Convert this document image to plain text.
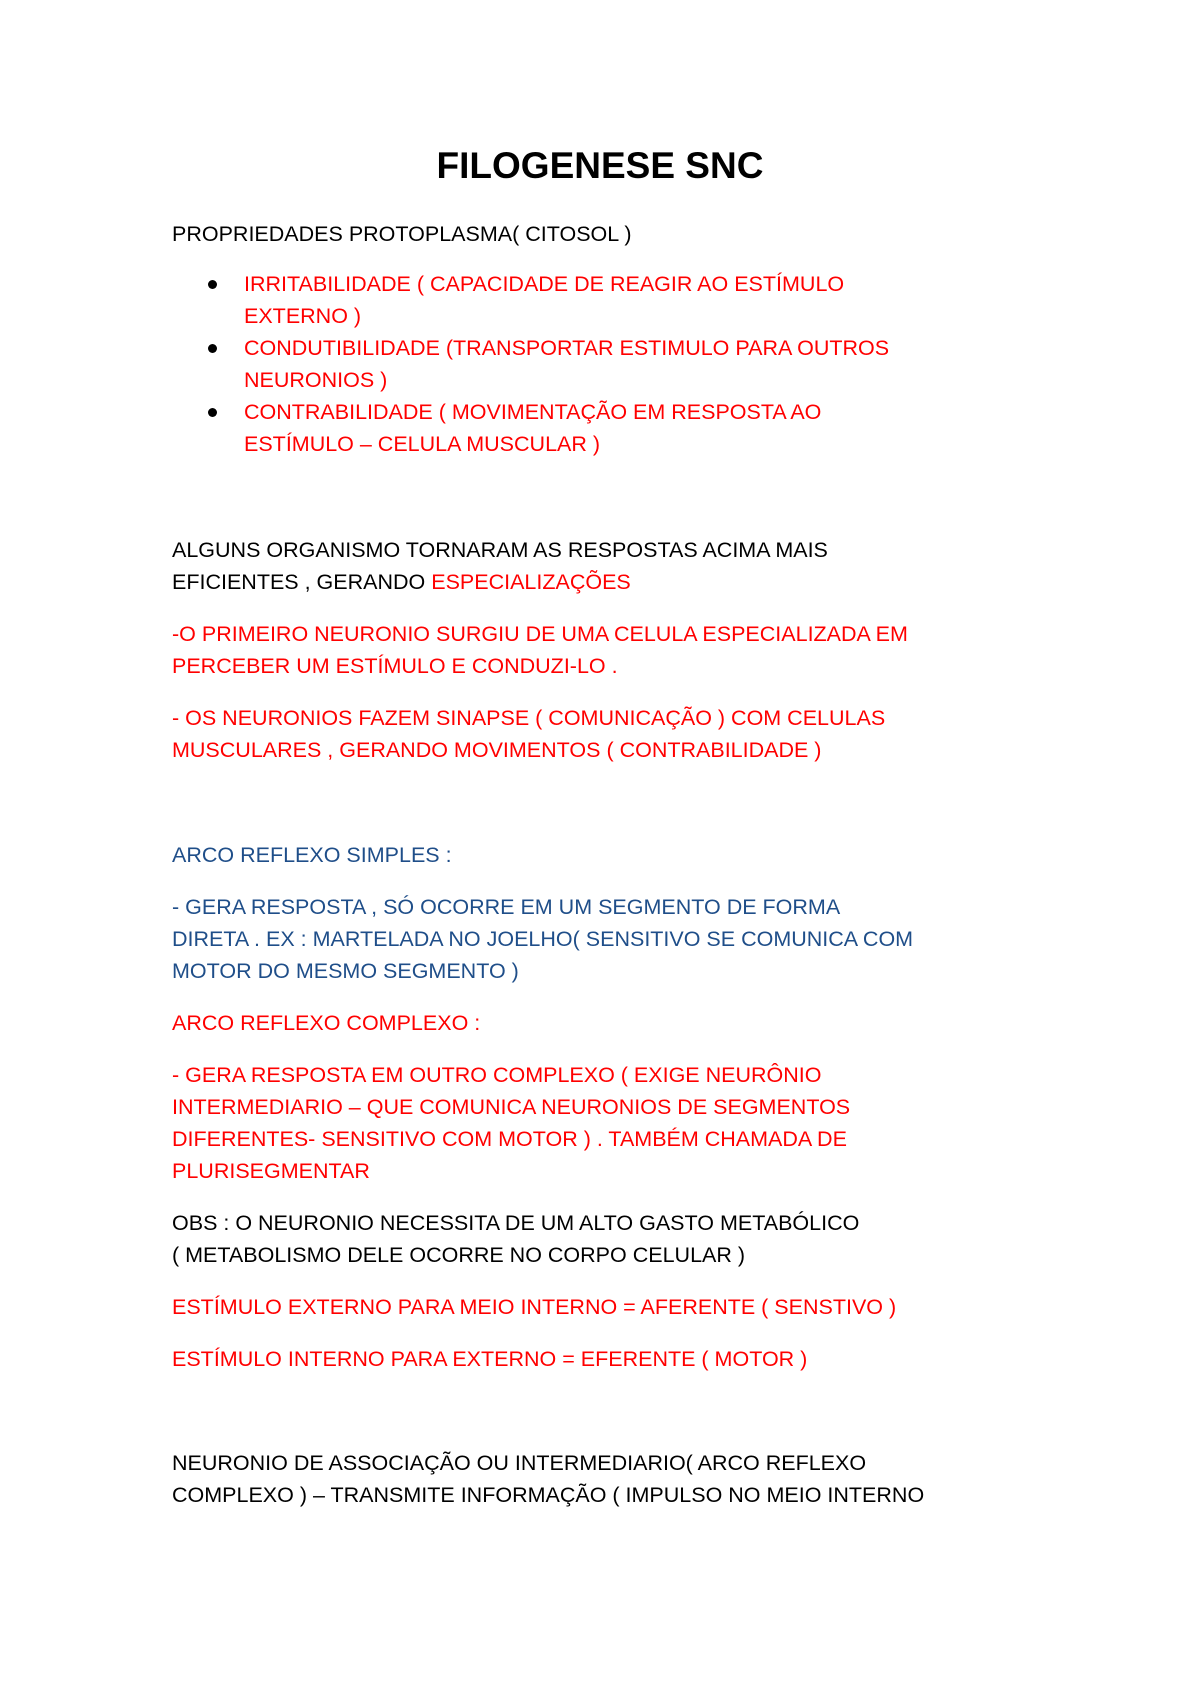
FILOGENESE SNC

PROPRIEDADES PROTOPLASMA( CITOSOL )

IRRITABILIDADE ( CAPACIDADE DE REAGIR AO ESTÍMULO
EXTERNO )
CONDUTIBILIDADE (TRANSPORTAR ESTIMULO PARA OUTROS
NEURONIOS )
CONTRABILIDADE ( MOVIMENTAÇÃO EM RESPOSTA AO
ESTÍMULO – CELULA MUSCULAR )

ALGUNS ORGANISMO TORNARAM AS RESPOSTAS ACIMA MAIS

EFICIENTES , GERANDO ESPECIALIZAÇÕES

-O PRIMEIRO NEURONIO SURGIU DE UMA CELULA ESPECIALIZADA EM

PERCEBER UM ESTÍMULO E CONDUZI-LO .

- OS NEURONIOS FAZEM SINAPSE ( COMUNICAÇÃO ) COM CELULAS

MUSCULARES , GERANDO MOVIMENTOS ( CONTRABILIDADE )

ARCO REFLEXO SIMPLES :

- GERA RESPOSTA , SÓ OCORRE EM UM SEGMENTO DE FORMA

DIRETA . EX : MARTELADA NO JOELHO( SENSITIVO SE COMUNICA COM

MOTOR DO MESMO SEGMENTO )

ARCO REFLEXO COMPLEXO :

- GERA RESPOSTA EM OUTRO COMPLEXO ( EXIGE NEURÔNIO

INTERMEDIARIO – QUE COMUNICA NEURONIOS DE SEGMENTOS

DIFERENTES- SENSITIVO COM MOTOR ) . TAMBÉM CHAMADA DE

PLURISEGMENTAR

OBS : O NEURONIO NECESSITA DE UM ALTO GASTO METABÓLICO

( METABOLISMO DELE OCORRE NO CORPO CELULAR )

ESTÍMULO EXTERNO PARA MEIO INTERNO = AFERENTE ( SENSTIVO )

ESTÍMULO INTERNO PARA EXTERNO = EFERENTE ( MOTOR )

NEURONIO DE ASSOCIAÇÃO OU INTERMEDIARIO( ARCO REFLEXO

COMPLEXO ) – TRANSMITE INFORMAÇÃO ( IMPULSO NO MEIO INTERNO
